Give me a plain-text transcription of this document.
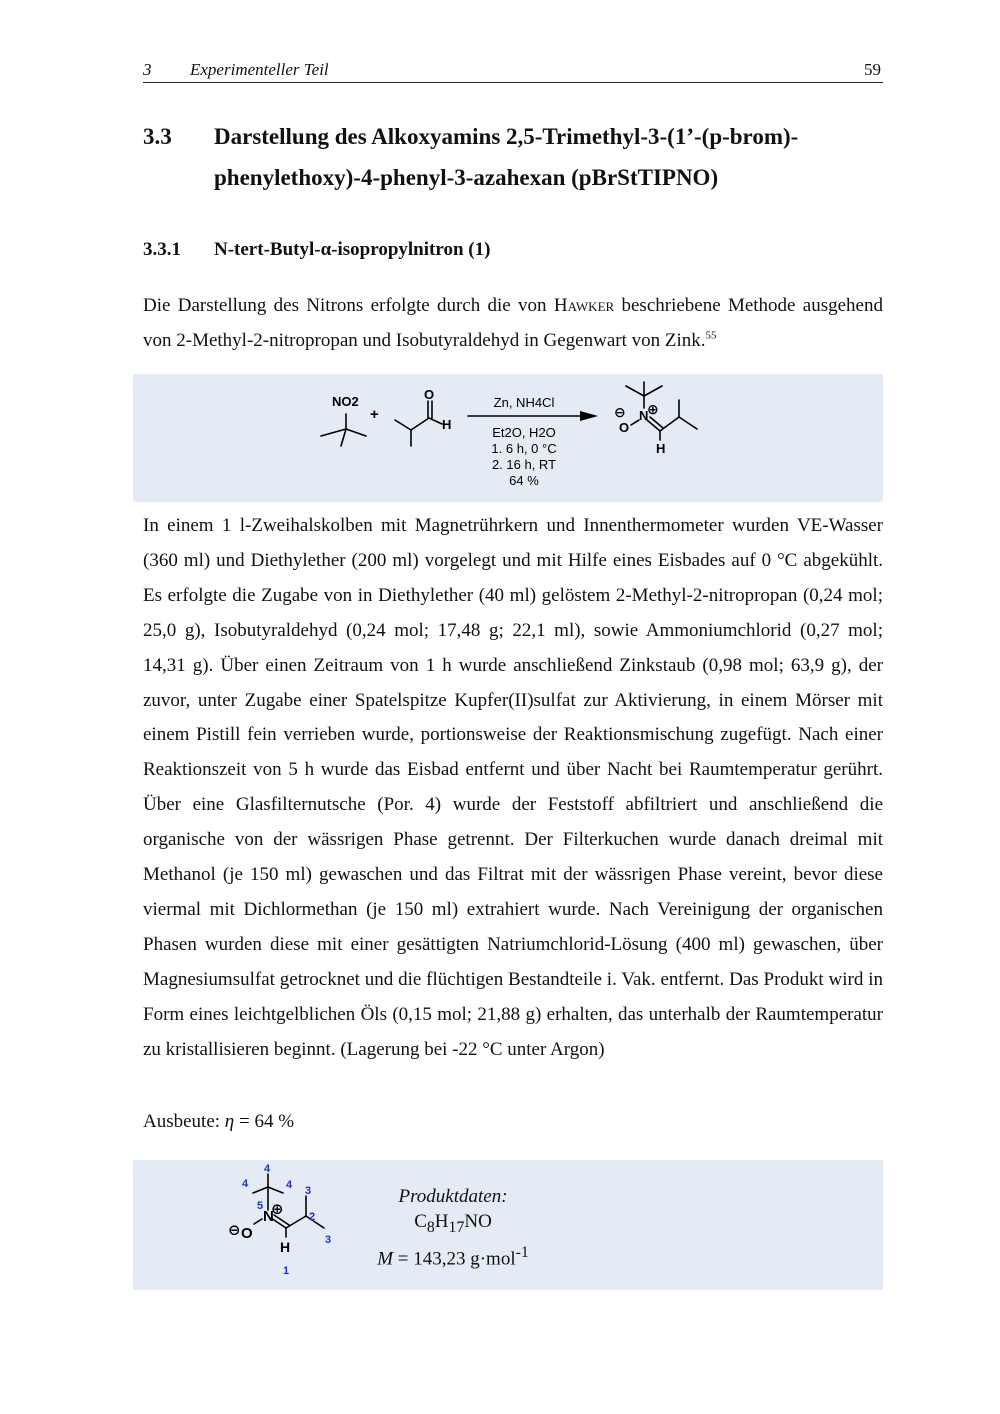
3 Experimenteller Teil	59
3.3 Darstellung des Alkoxyamins 2,5-Trimethyl-3-(1’-(p-brom)-phenylethoxy)-4-phenyl-3-azahexan (pBrStTIPNO)
3.3.1 N-tert-Butyl-α-isopropylnitron (1)
Die Darstellung des Nitrons erfolgte durch die von Hawker beschriebene Methode ausgehend von 2-Methyl-2-nitropropan und Isobutyraldehyd in Gegenwart von Zink.$^{55}$
NO2
+
O
H
Zn, NH4Cl
Et2O, H2O
1. 6 h, 0 °C
2. 16 h, RT
64 %
⊖
O
N
⊕
H
In einem 1 l-Zweihalskolben mit Magnetrührkern und Innenthermometer wurden VE-Wasser (360 ml) und Diethylether (200 ml) vorgelegt und mit Hilfe eines Eisbades auf 0 °C abgekühlt. Es erfolgte die Zugabe von in Diethylether (40 ml) gelöstem 2-Methyl-2-nitropropan (0,24 mol; 25,0 g), Isobutyraldehyd (0,24 mol; 17,48 g; 22,1 ml), sowie Ammoniumchlorid (0,27 mol; 14,31 g). Über einen Zeitraum von 1 h wurde anschließend Zinkstaub (0,98 mol; 63,9 g), der zuvor, unter Zugabe einer Spatelspitze Kupfer(II)sulfat zur Aktivierung, in einem Mörser mit einem Pistill fein verrieben wurde, portionsweise der Reaktionsmischung zugefügt. Nach einer Reaktionszeit von 5 h wurde das Eisbad entfernt und über Nacht bei Raumtemperatur gerührt. Über eine Glasfilternutsche (Por. 4) wurde der Feststoff abfiltriert und anschließend die organische von der wässrigen Phase getrennt. Der Filterkuchen wurde danach dreimal mit Methanol (je 150 ml) gewaschen und das Filtrat mit der wässrigen Phase vereint, bevor diese viermal mit Dichlormethan (je 150 ml) extrahiert wurde. Nach Vereinigung der organischen Phasen wurden diese mit einer gesättigten Natriumchlorid-Lösung (400 ml) gewaschen, über Magnesiumsulfat getrocknet und die flüchtigen Bestandteile i. Vak. entfernt. Das Produkt wird in Form eines leichtgelblichen Öls (0,15 mol; 21,88 g) erhalten, das unterhalb der Raumtemperatur zu kristallisieren beginnt. (Lagerung bei -22 °C unter Argon)
Ausbeute: η = 64 %
⊖ O
N
⊕
H
4
4	4
5
3
2
3
1
Produktdaten:
$C_8H_{17}NO$
M = 143,23 g·mol$^{-1}$
